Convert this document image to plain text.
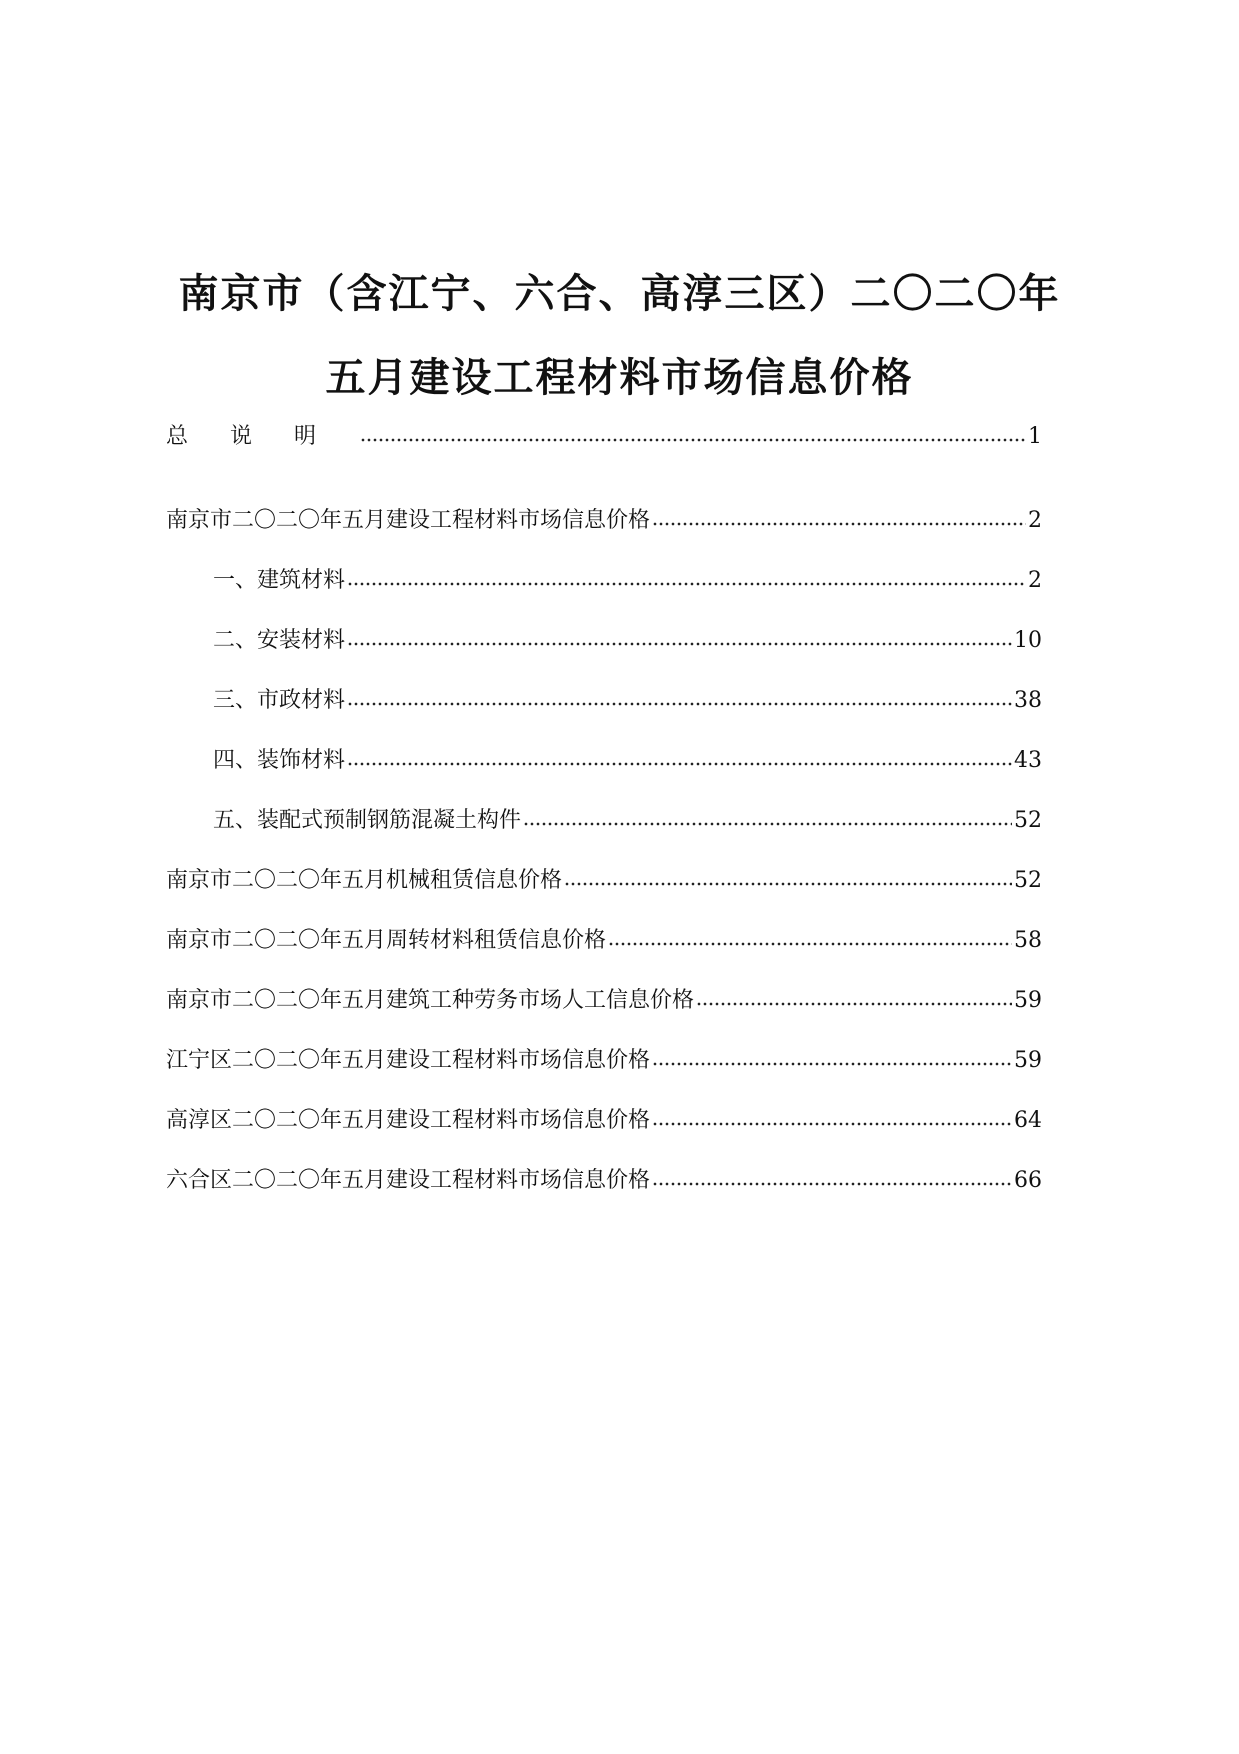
南京市（含江宁、六合、高淳三区）二〇二〇年
五月建设工程材料市场信息价格
总说明	1
南京市二〇二〇年五月建设工程材料市场信息价格	2
一、建筑材料	2
二、安装材料	10
三、市政材料	38
四、装饰材料	43
五、装配式预制钢筋混凝土构件	52
南京市二〇二〇年五月机械租赁信息价格	52
南京市二〇二〇年五月周转材料租赁信息价格	58
南京市二〇二〇年五月建筑工种劳务市场人工信息价格	59
江宁区二〇二〇年五月建设工程材料市场信息价格	59
高淳区二〇二〇年五月建设工程材料市场信息价格	64
六合区二〇二〇年五月建设工程材料市场信息价格	66
